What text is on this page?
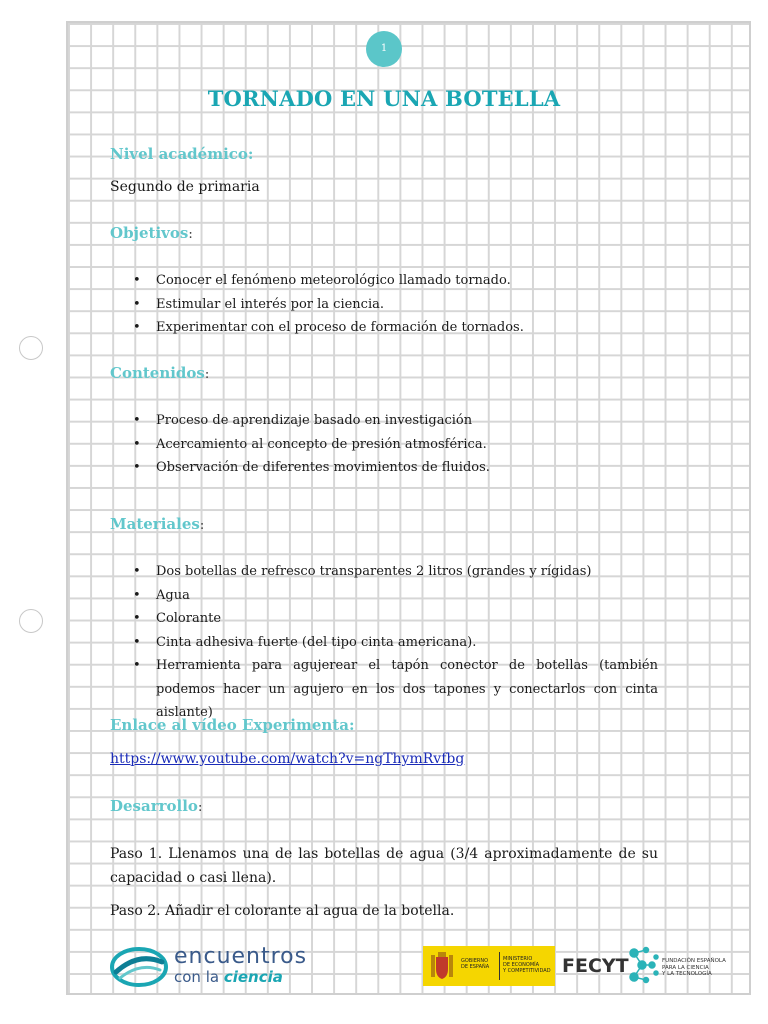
1
TORNADO EN UNA BOTELLA
Nivel académico:
Segundo de primaria
Objetivos:
• Conocer el fenómeno meteorológico llamado tornado.
• Estimular el interés por la ciencia.
• Experimentar con el proceso de formación de tornados.
Contenidos:
• Proceso de aprendizaje basado en investigación
• Acercamiento al concepto de presión atmosférica.
• Observación de diferentes movimientos de fluidos.
Materiales:
• Dos botellas de refresco transparentes 2 litros (grandes y rígidas)
• Agua
• Colorante
• Cinta adhesiva fuerte (del tipo cinta americana).
• Herramienta para agujerear el tapón conector de botellas (también podemos hacer un agujero en los dos tapones y conectarlos con cinta aislante)
Enlace al vídeo Experimenta:
https://www.youtube.com/watch?v=ngThymRvfbg
Desarrollo:
Paso 1. Llenamos una de las botellas de agua (3/4 aproximadamente de su capacidad o casi llena).
Paso 2. Añadir el colorante al agua de la botella.
encuentros
con la ciencia
GOBIERNO
DE ESPAÑA
MINISTERIO
DE ECONOMÍA
Y COMPETITIVIDAD FECYT	FUNDACIÓN ESPAÑOLA
PARA LA CIENCIA
Y LA TECNOLOGÍA
